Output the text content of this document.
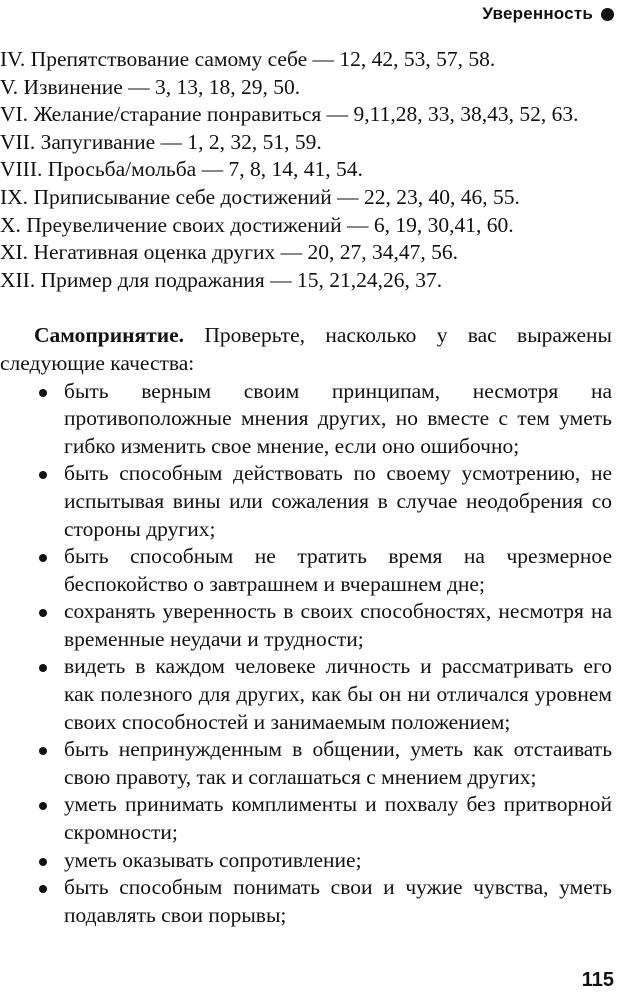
Уверенность
IV. Препятствование самому себе — 12, 42, 53, 57, 58.
V. Извинение — 3, 13, 18, 29, 50.
VI. Желание/старание понравиться — 9,11,28, 33, 38,43, 52, 63.
VII. Запугивание — 1, 2, 32, 51, 59.
VIII. Просьба/мольба — 7, 8, 14, 41, 54.
IX. Приписывание себе достижений — 22, 23, 40, 46, 55.
X. Преувеличение своих достижений — 6, 19, 30,41, 60.
XI. Негативная оценка других — 20, 27, 34,47, 56.
XII. Пример для подражания — 15, 21,24,26, 37.
Самопринятие. Проверьте, насколько у вас выражены следующие качества:
быть верным своим принципам, несмотря на противоположные мнения других, но вместе с тем уметь гибко изменить свое мнение, если оно ошибочно;
быть способным действовать по своему усмотрению, не испытывая вины или сожаления в случае неодобрения со стороны других;
быть способным не тратить время на чрезмерное беспокойство о завтрашнем и вчерашнем дне;
сохранять уверенность в своих способностях, несмотря на временные неудачи и трудности;
видеть в каждом человеке личность и рассматривать его как полезного для других, как бы он ни отличался уровнем своих способностей и занимаемым положением;
быть непринужденным в общении, уметь как отстаивать свою правоту, так и соглашаться с мнением других;
уметь принимать комплименты и похвалу без притворной скромности;
уметь оказывать сопротивление;
быть способным понимать свои и чужие чувства, уметь подавлять свои порывы;
115
